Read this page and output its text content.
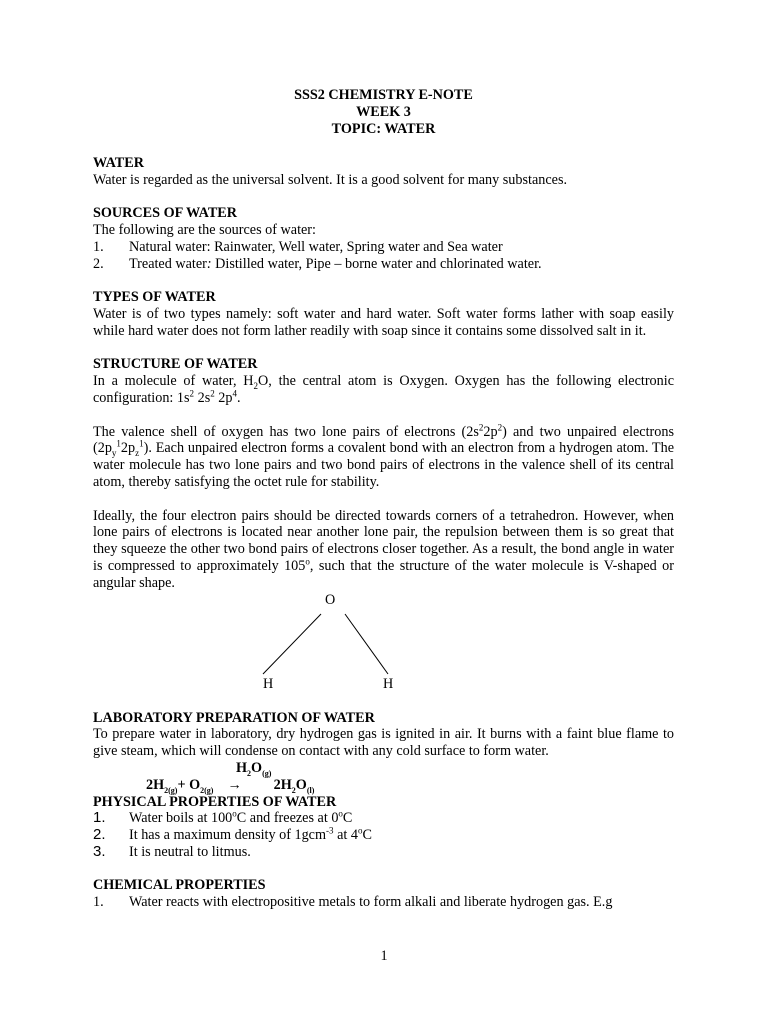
SSS2 CHEMISTRY E-NOTE
WEEK 3
TOPIC: WATER

WATER

Water is regarded as the universal solvent. It is a good solvent for many substances.

SOURCES OF WATER

The following are the sources of water:

1.	Natural water: Rainwater, Well water, Spring water and Sea water
2.	Treated water: Distilled water, Pipe – borne water and chlorinated water.

TYPES OF WATER

Water is of two types namely: soft water and hard water. Soft water forms lather with soap easily while hard water does not form lather readily with soap since it contains some dissolved salt in it.

STRUCTURE OF WATER

In a molecule of water, $H_2O$, the central atom is Oxygen. Oxygen has the following electronic configuration: $1s^2$ $2s^2$ $2p^4$.

The valence shell of oxygen has two lone pairs of electrons $(2s^22p^2)$ and two unpaired electrons $(2p_y^12p_z^1)$. Each unpaired electron forms a covalent bond with an electron from a hydrogen atom. The water molecule has two lone pairs and two bond pairs of electrons in the valence shell of its central atom, thereby satisfying the octet rule for stability.

Ideally, the four electron pairs should be directed towards corners of a tetrahedron. However, when lone pairs of electrons is located near another lone pair, the repulsion between them is so great that they squeeze the other two bond pairs of electrons closer together. As a result, the bond angle in water is compressed to approximately 105$^o$, such that the structure of the water molecule is V-shaped or angular shape.

O
H	H

LABORATORY PREPARATION OF WATER

To prepare water in laboratory, dry hydrogen gas is ignited in air. It burns with a faint blue flame to give steam, which will condense on contact with any cold surface to form water.

$H_2O_{(g)}$
$2H_{2(g)}+ O_{2(g)} \to 2H_2O_{(l)}$

PHYSICAL PROPERTIES OF WATER

1.	Water boils at 100$^o$C and freezes at 0$^o$C
2.	It has a maximum density of 1gcm$^{-3}$ at 4$^o$C
3.	It is neutral to litmus.

CHEMICAL PROPERTIES

1.	Water reacts with electropositive metals to form alkali and liberate hydrogen gas. E.g
1
